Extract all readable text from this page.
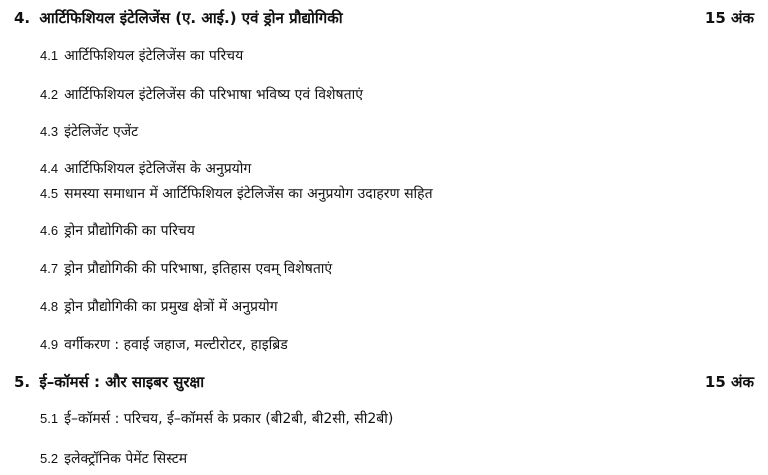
4. आर्टिफिशियल इंटेलिजेंस (ए. आई.) एवं ड्रोन प्रौद्योगिकी	15 अंक
4.1 आर्टिफिशियल इंटेलिजेंस का परिचय
4.2 आर्टिफिशियल इंटेलिजेंस की परिभाषा भविष्य एवं विशेषताएं
4.3 इंटेलिजेंट एजेंट
4.4 आर्टिफिशियल इंटेलिजेंस के अनुप्रयोग
4.5 समस्या समाधान में आर्टिफिशियल इंटेलिजेंस का अनुप्रयोग उदाहरण सहित
4.6 ड्रोन प्रौद्योगिकी का परिचय
4.7 ड्रोन प्रौद्योगिकी की परिभाषा, इतिहास एवम् विशेषताएं
4.8 ड्रोन प्रौद्योगिकी का प्रमुख क्षेत्रों में अनुप्रयोग
4.9 वर्गीकरण : हवाई जहाज, मल्टीरोटर, हाइब्रिड
5. ई–कॉमर्स : और साइबर सुरक्षा	15 अंक
5.1 ई–कॉमर्स : परिचय, ई–कॉमर्स के प्रकार (बी2बी, बी2सी, सी2बी)
5.2 इलेक्ट्रॉनिक पेमेंट सिस्टम
